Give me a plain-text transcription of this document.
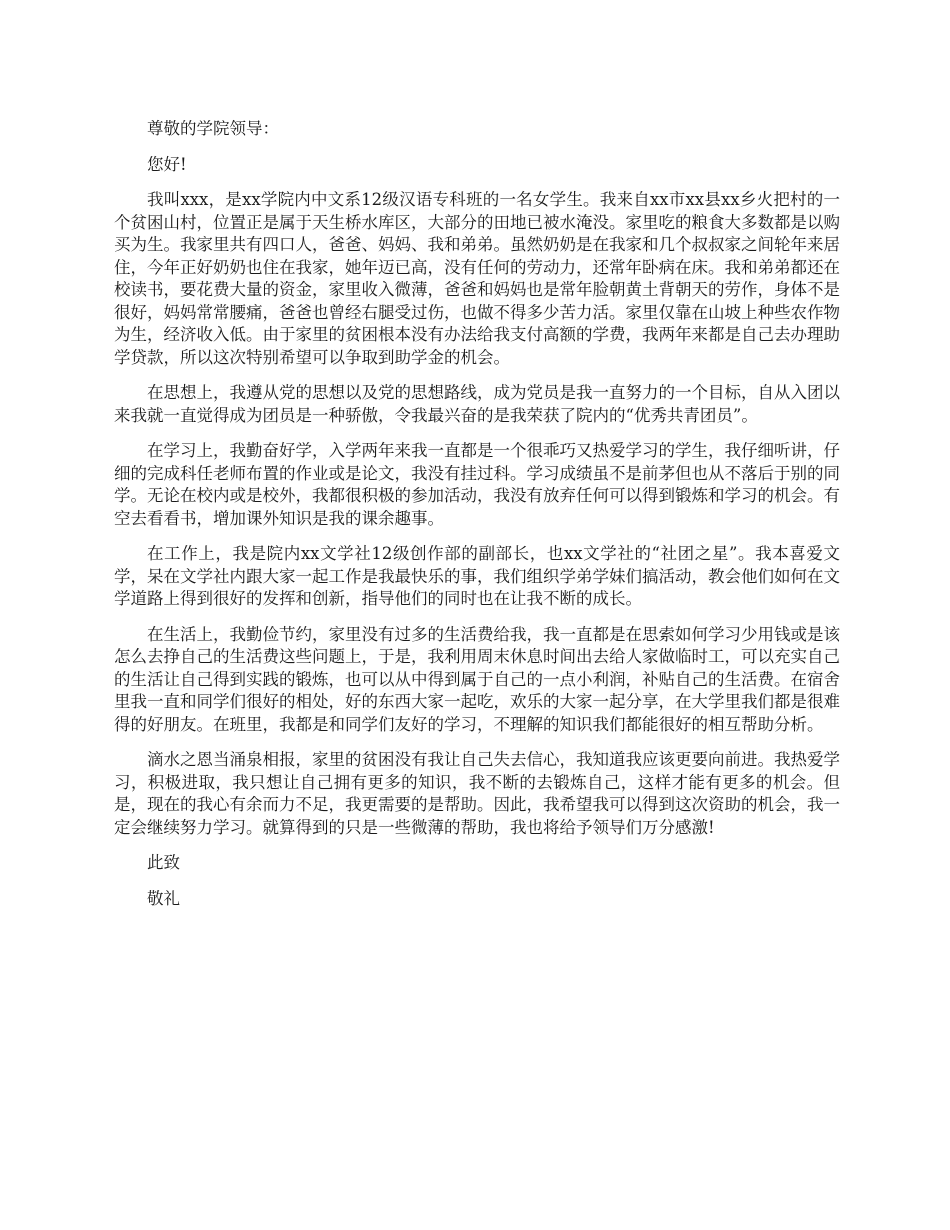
尊敬的学院领导：

您好!

我叫xxx，是xx学院内中文系12级汉语专科班的一名女学生。我来自xx市xx县xx乡火把村的一个贫困山村，位置正是属于天生桥水库区，大部分的田地已被水淹没。家里吃的粮食大多数都是以购买为生。我家里共有四口人，爸爸、妈妈、我和弟弟。虽然奶奶是在我家和几个叔叔家之间轮年来居住，今年正好奶奶也住在我家，她年迈已高，没有任何的劳动力，还常年卧病在床。我和弟弟都还在校读书，要花费大量的资金，家里收入微薄，爸爸和妈妈也是常年脸朝黄土背朝天的劳作，身体不是很好，妈妈常常腰痛，爸爸也曾经右腿受过伤，也做不得多少苦力活。家里仅靠在山坡上种些农作物为生，经济收入低。由于家里的贫困根本没有办法给我支付高额的学费，我两年来都是自己去办理助学贷款，所以这次特别希望可以争取到助学金的机会。

在思想上，我遵从党的思想以及党的思想路线，成为党员是我一直努力的一个目标，自从入团以来我就一直觉得成为团员是一种骄傲，令我最兴奋的是我荣获了院内的“优秀共青团员”。

在学习上，我勤奋好学，入学两年来我一直都是一个很乖巧又热爱学习的学生，我仔细听讲，仔细的完成科任老师布置的作业或是论文，我没有挂过科。学习成绩虽不是前茅但也从不落后于别的同学。无论在校内或是校外，我都很积极的参加活动，我没有放弃任何可以得到锻炼和学习的机会。有空去看看书，增加课外知识是我的课余趣事。

在工作上，我是院内xx文学社12级创作部的副部长，也xx文学社的“社团之星”。我本喜爱文学，呆在文学社内跟大家一起工作是我最快乐的事，我们组织学弟学妹们搞活动，教会他们如何在文学道路上得到很好的发挥和创新，指导他们的同时也在让我不断的成长。

在生活上，我勤俭节约，家里没有过多的生活费给我，我一直都是在思索如何学习少用钱或是该怎么去挣自己的生活费这些问题上，于是，我利用周末休息时间出去给人家做临时工，可以充实自己的生活让自己得到实践的锻炼，也可以从中得到属于自己的一点小利润，补贴自己的生活费。在宿舍里我一直和同学们很好的相处，好的东西大家一起吃，欢乐的大家一起分享，在大学里我们都是很难得的好朋友。在班里，我都是和同学们友好的学习，不理解的知识我们都能很好的相互帮助分析。

滴水之恩当涌泉相报，家里的贫困没有我让自己失去信心，我知道我应该更要向前进。我热爱学习，积极进取，我只想让自己拥有更多的知识，我不断的去锻炼自己，这样才能有更多的机会。但是，现在的我心有余而力不足，我更需要的是帮助。因此，我希望我可以得到这次资助的机会，我一定会继续努力学习。就算得到的只是一些微薄的帮助，我也将给予领导们万分感激!

此致

敬礼
